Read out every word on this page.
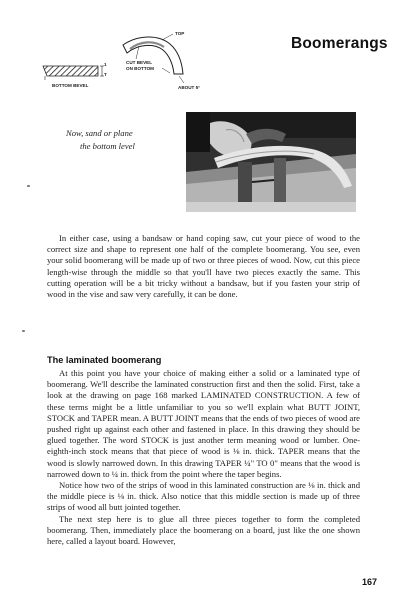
Boomerangs
BOTTOM BEVEL
1
T
CUT BEVEL
ON BOTTOM
TOP
ABOUT 5°
Now, sand or plane
the bottom level

In either case, using a bandsaw or hand coping saw, cut your piece of wood to the correct size and shape to represent one half of the complete boomerang. You see, even your solid boomerang will be made up of two or three pieces of wood. Now, cut this piece length-wise through the middle so that you'll have two pieces exactly the same. This cutting operation will be a bit tricky without a bandsaw, but if you fasten your strip of wood in the vise and saw very carefully, it can be done.

The laminated boomerang

At this point you have your choice of making either a solid or a laminated type of boomerang. We'll describe the laminated construction first and then the solid. First, take a look at the drawing on page 168 marked LAMINATED CONSTRUCTION. A few of these terms might be a little unfamiliar to you so we'll explain what BUTT JOINT, STOCK and TAPER mean. A BUTT JOINT means that the ends of two pieces of wood are pushed right up against each other and fastened in place. In this drawing they should be glued together. The word STOCK is just another term meaning wood or lumber. One-eighth-inch stock means that that piece of wood is ⅛ in. thick. TAPER means that the wood is slowly narrowed down. In this drawing TAPER ¼" TO 0" means that the wood is narrowed down to ¼ in. thick from the point where the taper begins.

Notice how two of the strips of wood in this laminated construction are ⅛ in. thick and the middle piece is ⅛ in. thick. Also notice that this middle section is made up of three strips of wood all butt jointed together.

The next step here is to glue all three pieces together to form the completed boomerang. Then, immediately place the boomerang on a board, just like the one shown here, called a layout board. However,

167
